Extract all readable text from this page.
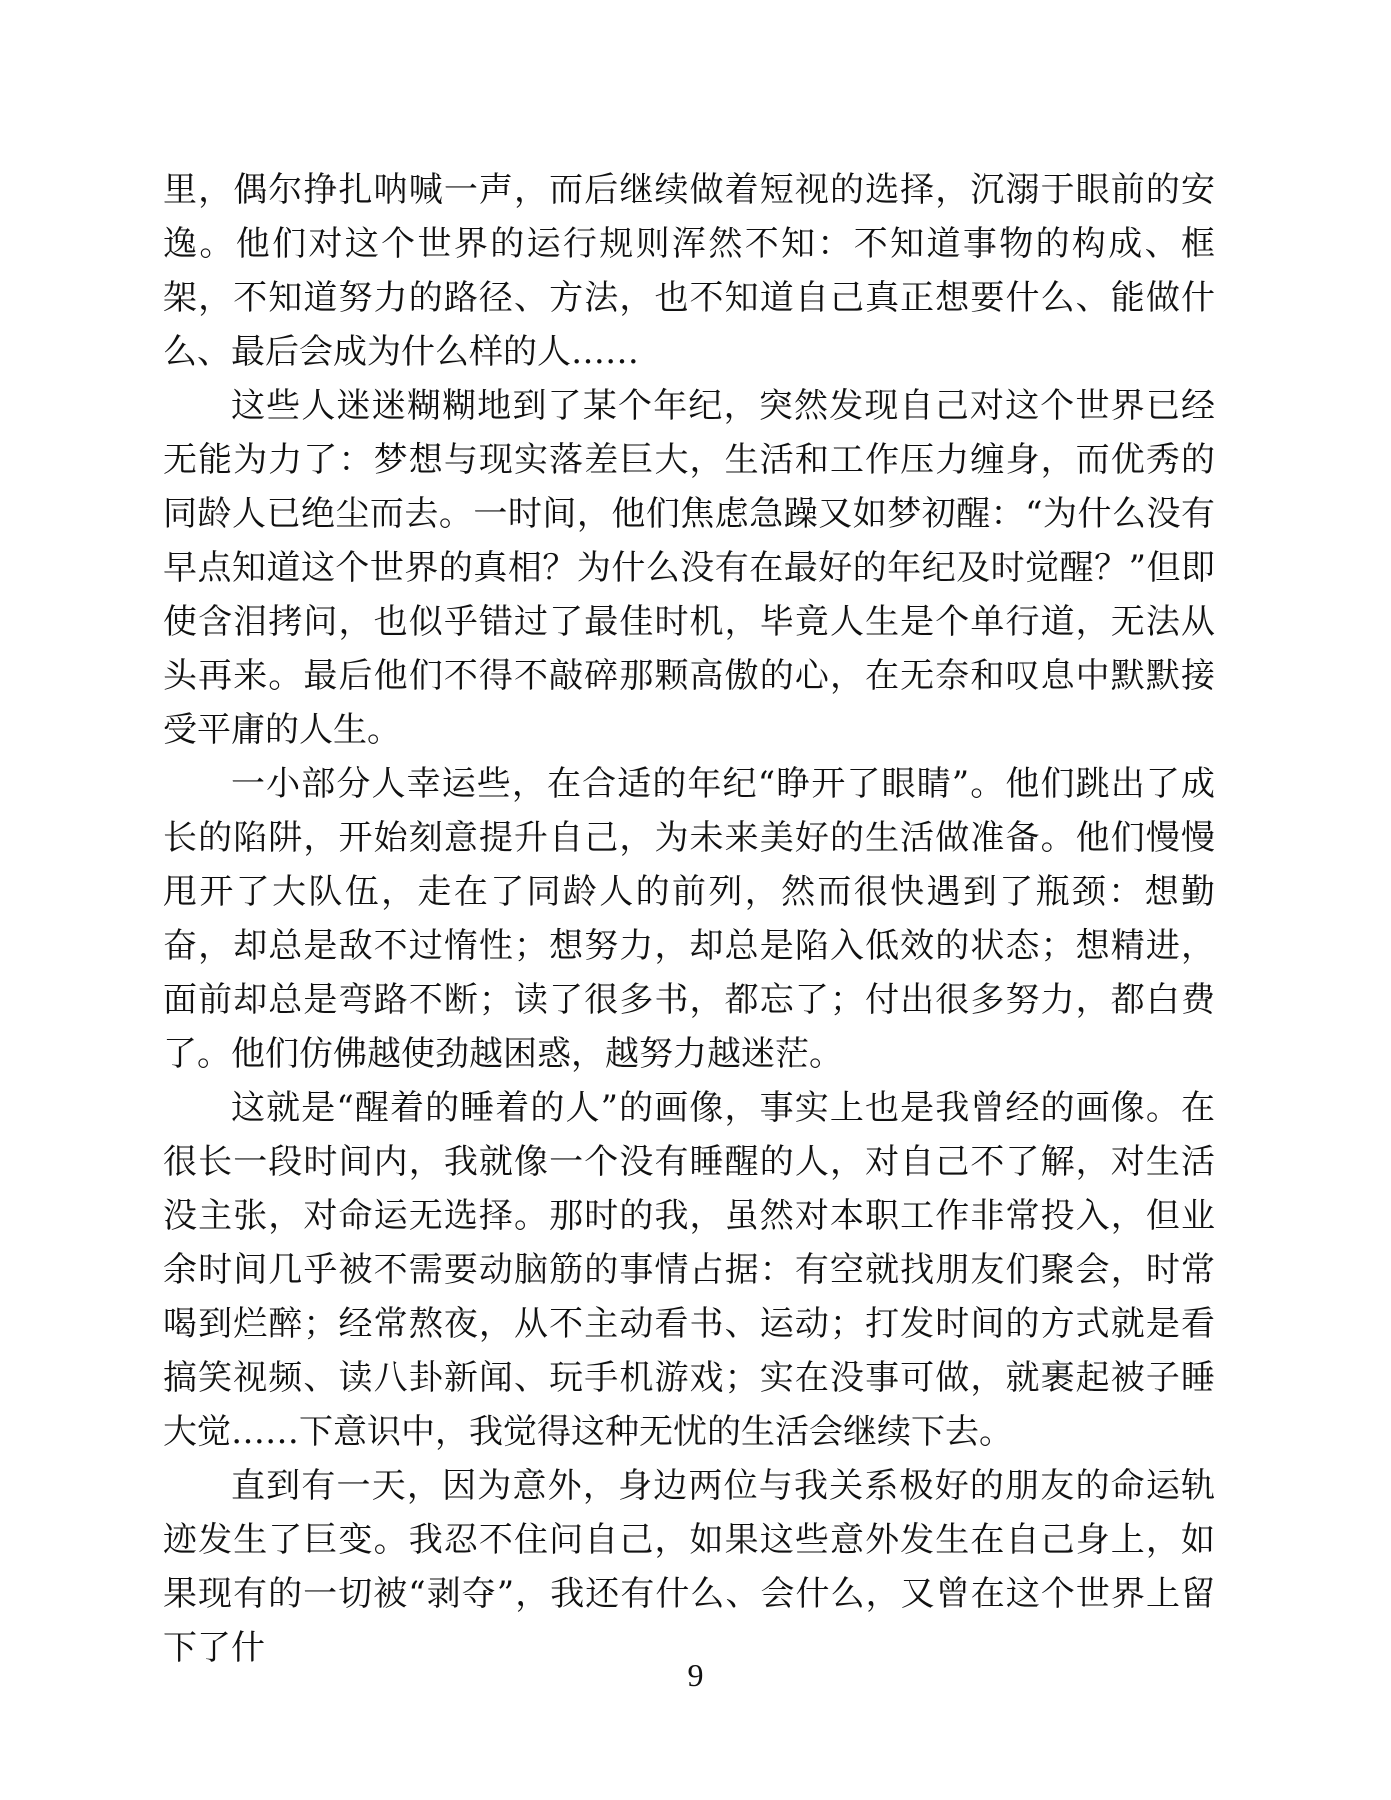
里，偶尔挣扎呐喊一声，而后继续做着短视的选择，沉溺于眼前的安逸。他们对这个世界的运行规则浑然不知：不知道事物的构成、框架，不知道努力的路径、方法，也不知道自己真正想要什么、能做什么、最后会成为什么样的人……

这些人迷迷糊糊地到了某个年纪，突然发现自己对这个世界已经无能为力了：梦想与现实落差巨大，生活和工作压力缠身，而优秀的同龄人已绝尘而去。一时间，他们焦虑急躁又如梦初醒：“为什么没有早点知道这个世界的真相？为什么没有在最好的年纪及时觉醒？”但即使含泪拷问，也似乎错过了最佳时机，毕竟人生是个单行道，无法从头再来。最后他们不得不敲碎那颗高傲的心，在无奈和叹息中默默接受平庸的人生。

一小部分人幸运些，在合适的年纪“睁开了眼睛”。他们跳出了成长的陷阱，开始刻意提升自己，为未来美好的生活做准备。他们慢慢甩开了大队伍，走在了同龄人的前列，然而很快遇到了瓶颈：想勤奋，却总是敌不过惰性；想努力，却总是陷入低效的状态；想精进，面前却总是弯路不断；读了很多书，都忘了；付出很多努力，都白费了。他们仿佛越使劲越困惑，越努力越迷茫。

这就是“醒着的睡着的人”的画像，事实上也是我曾经的画像。在很长一段时间内，我就像一个没有睡醒的人，对自己不了解，对生活没主张，对命运无选择。那时的我，虽然对本职工作非常投入，但业余时间几乎被不需要动脑筋的事情占据：有空就找朋友们聚会，时常喝到烂醉；经常熬夜，从不主动看书、运动；打发时间的方式就是看搞笑视频、读八卦新闻、玩手机游戏；实在没事可做，就裹起被子睡大觉……下意识中，我觉得这种无忧的生活会继续下去。

直到有一天，因为意外，身边两位与我关系极好的朋友的命运轨迹发生了巨变。我忍不住问自己，如果这些意外发生在自己身上，如果现有的一切被“剥夺”，我还有什么、会什么，又曾在这个世界上留下了什

9
